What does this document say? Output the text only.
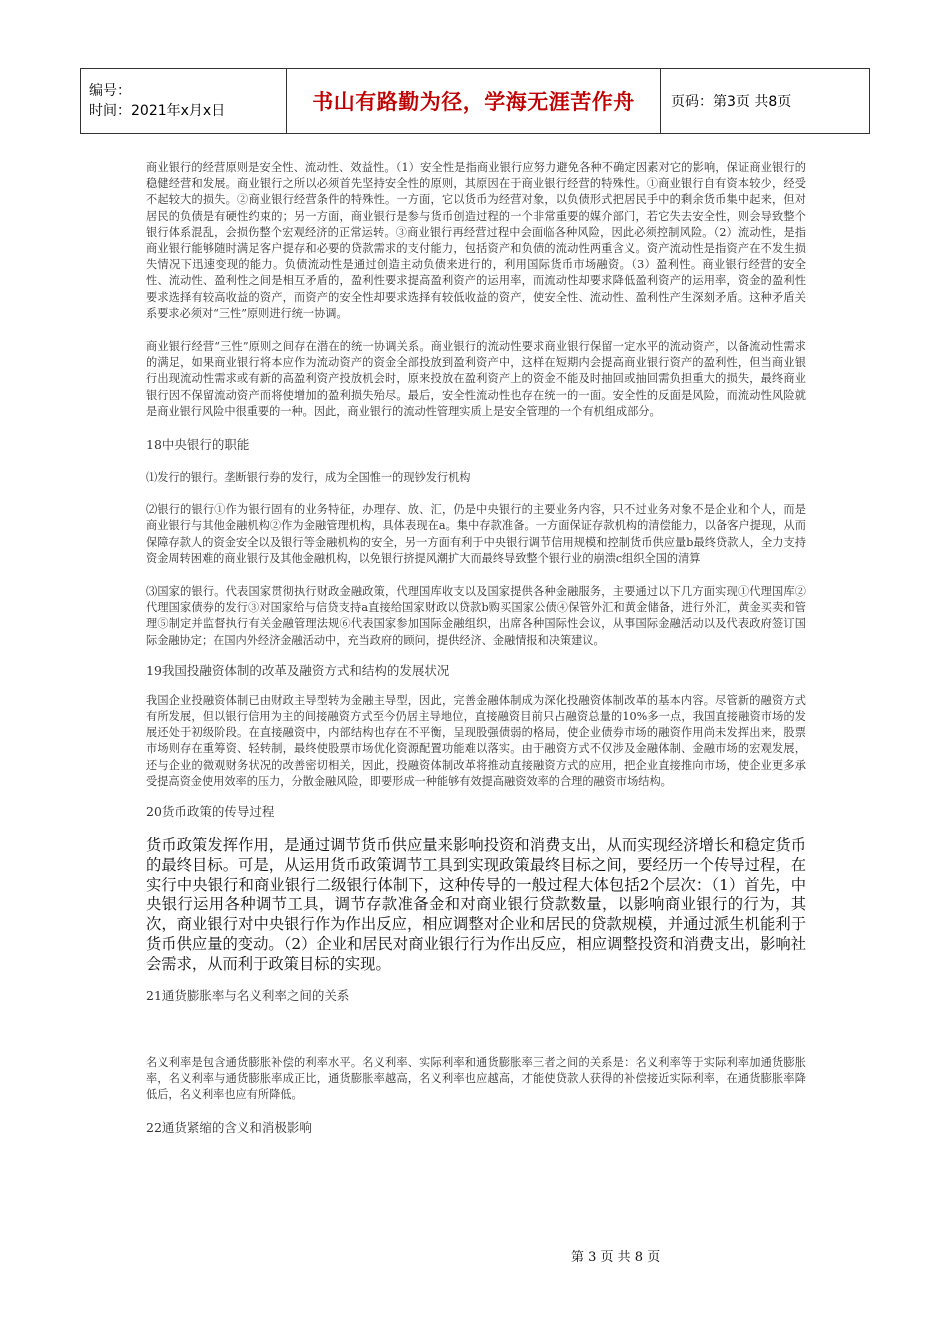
编号：
时间：2021年x月x日	书山有路勤为径，学海无涯苦作舟	页码：第3页 共8页

商业银行的经营原则是安全性、流动性、效益性。（1）安全性是指商业银行应努力避免各种不确定因素对它的影响，保证商业银行的稳健经营和发展。商业银行之所以必须首先坚持安全性的原则，其原因在于商业银行经营的特殊性。①商业银行自有资本较少，经受不起较大的损失。②商业银行经营条件的特殊性。一方面，它以货币为经营对象，以负债形式把居民手中的剩余货币集中起来，但对居民的负债是有硬性约束的；另一方面，商业银行是参与货币创造过程的一个非常重要的媒介部门，若它失去安全性，则会导致整个银行体系混乱，会损伤整个宏观经济的正常运转。③商业银行再经营过程中会面临各种风险，因此必须控制风险。（2）流动性，是指商业银行能够随时满足客户提存和必要的贷款需求的支付能力，包括资产和负债的流动性两重含义。资产流动性是指资产在不发生损失情况下迅速变现的能力。负债流动性是通过创造主动负债来进行的，利用国际货币市场融资。（3）盈利性。商业银行经营的安全性、流动性、盈利性之间是相互矛盾的，盈利性要求提高盈利资产的运用率，而流动性却要求降低盈利资产的运用率，资金的盈利性要求选择有较高收益的资产，而资产的安全性却要求选择有较低收益的资产，使安全性、流动性、盈利性产生深刻矛盾。这种矛盾关系要求必须对“三性”原则进行统一协调。

商业银行经营“三性”原则之间存在潜在的统一协调关系。商业银行的流动性要求商业银行保留一定水平的流动资产，以备流动性需求的满足，如果商业银行将本应作为流动资产的资金全部投放到盈利资产中，这样在短期内会提高商业银行资产的盈利性，但当商业银行出现流动性需求或有新的高盈利资产投放机会时，原来投放在盈利资产上的资金不能及时抽回或抽回需负担重大的损失，最终商业银行因不保留流动资产而将使增加的盈利损失殆尽。最后，安全性流动性也存在统一的一面。安全性的反面是风险，而流动性风险就是商业银行风险中很重要的一种。因此，商业银行的流动性管理实质上是安全管理的一个有机组成部分。

18中央银行的职能

⑴发行的银行。垄断银行券的发行，成为全国惟一的现钞发行机构

⑵银行的银行①作为银行固有的业务特征，办理存、放、汇，仍是中央银行的主要业务内容，只不过业务对象不是企业和个人，而是商业银行与其他金融机构②作为金融管理机构，具体表现在a。集中存款准备。一方面保证存款机构的清偿能力，以备客户提现，从而保障存款人的资金安全以及银行等金融机构的安全，另一方面有利于中央银行调节信用规模和控制货币供应量b最终贷款人，全力支持资金周转困难的商业银行及其他金融机构，以免银行挤提风潮扩大而最终导致整个银行业的崩溃c组织全国的清算

⑶国家的银行。代表国家贯彻执行财政金融政策，代理国库收支以及国家提供各种金融服务，主要通过以下几方面实现①代理国库②代理国家债券的发行③对国家给与信贷支持a直接给国家财政以贷款b购买国家公债④保管外汇和黄金储备，进行外汇，黄金买卖和管理⑤制定并监督执行有关金融管理法规⑥代表国家参加国际金融组织，出席各种国际性会议，从事国际金融活动以及代表政府签订国际金融协定；在国内外经济金融活动中，充当政府的顾问，提供经济、金融情报和决策建议。

19我国投融资体制的改革及融资方式和结构的发展状况

我国企业投融资体制已由财政主导型转为金融主导型，因此，完善金融体制成为深化投融资体制改革的基本内容。尽管新的融资方式有所发展，但以银行信用为主的间接融资方式至今仍居主导地位，直接融资目前只占融资总量的10%多一点，我国直接融资市场的发展还处于初级阶段。在直接融资中，内部结构也存在不平衡，呈现股强债弱的格局，使企业债券市场的融资作用尚未发挥出来，股票市场则存在重筹资、轻转制，最终使股票市场优化资源配置功能难以落实。由于融资方式不仅涉及金融体制、金融市场的宏观发展，还与企业的微观财务状况的改善密切相关，因此，投融资体制改革将推动直接融资方式的应用，把企业直接推向市场，使企业更多承受提高资金使用效率的压力，分散金融风险，即要形成一种能够有效提高融资效率的合理的融资市场结构。

20货币政策的传导过程

货币政策发挥作用，是通过调节货币供应量来影响投资和消费支出，从而实现经济增长和稳定货币的最终目标。可是，从运用货币政策调节工具到实现政策最终目标之间，要经历一个传导过程，在实行中央银行和商业银行二级银行体制下，这种传导的一般过程大体包括2个层次：（1）首先，中央银行运用各种调节工具，调节存款准备金和对商业银行贷款数量，以影响商业银行的行为，其次，商业银行对中央银行作为作出反应，相应调整对企业和居民的贷款规模，并通过派生机能利于货币供应量的变动。（2）企业和居民对商业银行行为作出反应，相应调整投资和消费支出，影响社会需求，从而利于政策目标的实现。

21通货膨胀率与名义利率之间的关系

名义利率是包含通货膨胀补偿的利率水平。名义利率、实际利率和通货膨胀率三者之间的关系是：名义利率等于实际利率加通货膨胀率，名义利率与通货膨胀率成正比，通货膨胀率越高，名义利率也应越高，才能使贷款人获得的补偿接近实际利率，在通货膨胀率降低后，名义利率也应有所降低。

22通货紧缩的含义和消极影响

第 3 页 共 8 页
